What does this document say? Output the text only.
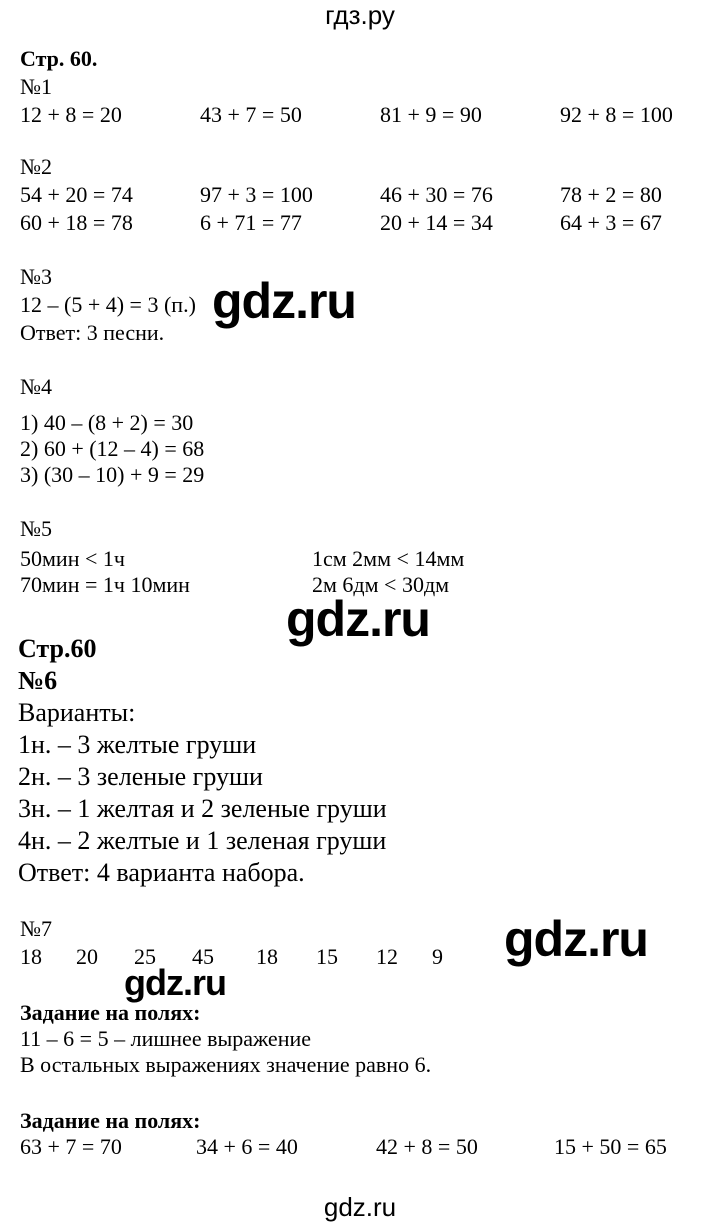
гдз.ру
Стр. 60.
№1
12 + 8 = 20	43 + 7 = 50	81 + 9 = 90	92 + 8 = 100
№2
54 + 20 = 74	97 + 3 = 100	46 + 30 = 76	78 + 2 = 80
60 + 18 = 78	6 + 71 = 77	20 + 14 = 34	64 + 3 = 67
№3
12 – (5 + 4) = 3 (п.)
Ответ: 3 песни.
gdz.ru
№4
1) 40 – (8 + 2) = 30
2) 60 + (12 – 4) = 68
3) (30 – 10) + 9 = 29
№5
50мин < 1ч	1см 2мм < 14мм
70мин = 1ч 10мин	2м 6дм < 30дм
gdz.ru
Стр.60
№6
Варианты:
1н. – 3 желтые груши
2н. – 3 зеленые груши
3н. – 1 желтая и 2 зеленые груши
4н. – 2 желтые и 1 зеленая груши
Ответ: 4 варианта набора.
№7
18 20 25 45 18 15 12 9 gdz.ru
gdz.ru
Задание на полях:
11 – 6 = 5 – лишнее выражение
В остальных выражениях значение равно 6.
Задание на полях:
63 + 7 = 70	34 + 6 = 40	42 + 8 = 50	15 + 50 = 65
gdz.ru
